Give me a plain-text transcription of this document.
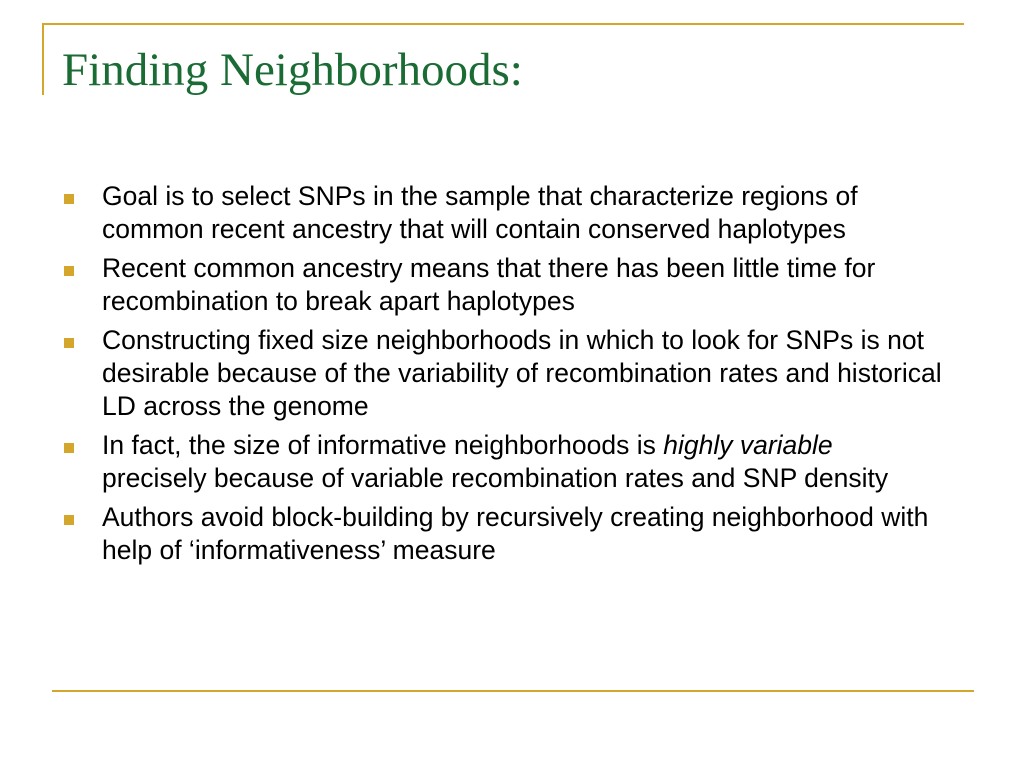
Finding Neighborhoods:
Goal is to select SNPs in the sample that characterize regions of common recent ancestry that will contain conserved haplotypes
Recent common ancestry means that there has been little time for recombination to break apart haplotypes
Constructing fixed size neighborhoods in which to look for SNPs is not desirable because of the variability of recombination rates and historical LD across the genome
In fact, the size of informative neighborhoods is highly variable precisely because of variable recombination rates and SNP density
Authors avoid block-building by recursively creating neighborhood with help of ‘informativeness’ measure
